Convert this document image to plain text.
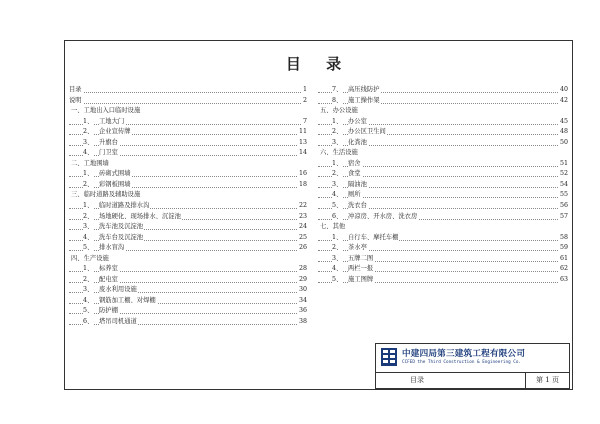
目 录
目录	1
说明	2
一、工地出入口临时设施
1、 工地大门	7
2、 企业宣传牌	11
3、 升旗台	13
4、 门卫室	14
二、工地围墙
1、 砖砌式围墙	16
2、 彩钢板围墙	18
三、临时道路及辅助设施
1、 临时道路及排水沟	22
2、 场地硬化、现场排水、沉淀池	23
3、 洗车池及沉淀池	24
4、 洗车台及沉淀池	25
5、 排水盲沟	26
四、生产设施
1、 标养室	28
2、 配电室	29
3、 废水利用设施	30
4、 钢筋加工棚、对焊棚	34
5、 防护棚	36
6、 塔吊司机通道	38
7、 高压线防护	40
8、 施工操作架	42
五、办公设施
1、 办公室	45
2、 办公区卫生间	48
3、 化粪池	50
六、生活设施
1、 宿舍	51
2、 食堂	52
3、 隔油池	54
4、 厕所	55
5、 洗衣台	56
6、 冲凉房、开水房、洗衣房	57
七、其他
1、 自行车、摩托车棚	58
2、 茶水亭	59
3、 五牌二图	61
4、 两栏一报	62
5、 施工图牌	63
中建四局第三建筑工程有限公司
CCFED the Third Construction & Engineering Co.
目录	第 1 页
